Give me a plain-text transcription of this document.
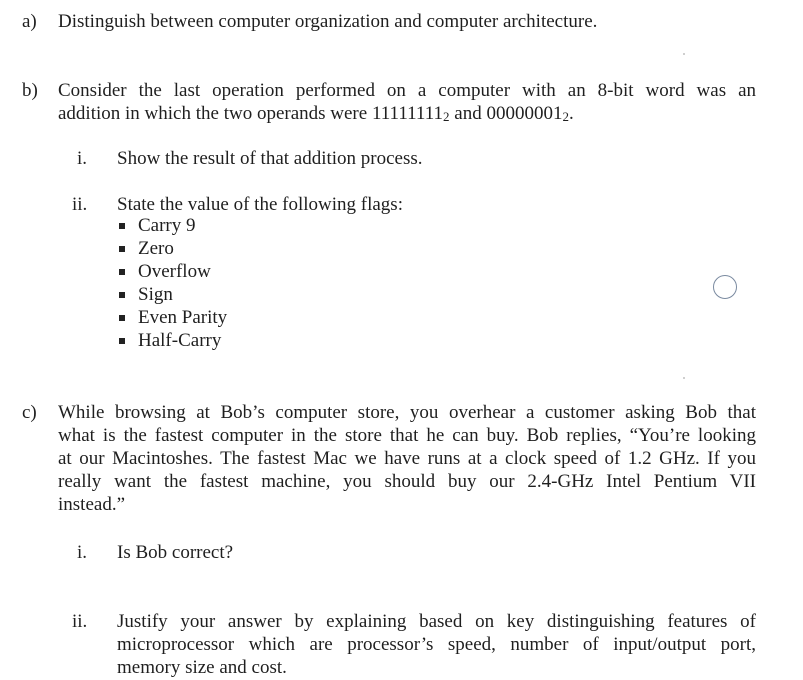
a) Distinguish between computer organization and computer architecture.
b) Consider the last operation performed on a computer with an 8-bit word was an
addition in which the two operands were 111111112 and 000000012.
i. Show the result of that addition process.
ii. State the value of the following flags:
Carry 9
Zero
Overflow
Sign
Even Parity
Half-Carry
c) While browsing at Bob’s computer store, you overhear a customer asking Bob that
what is the fastest computer in the store that he can buy. Bob replies, “You’re looking
at our Macintoshes. The fastest Mac we have runs at a clock speed of 1.2 GHz. If you
really want the fastest machine, you should buy our 2.4-GHz Intel Pentium VII
instead.”
i. Is Bob correct?
ii. Justify your answer by explaining based on key distinguishing features of
microprocessor which are processor’s speed, number of input/output port,
memory size and cost.
